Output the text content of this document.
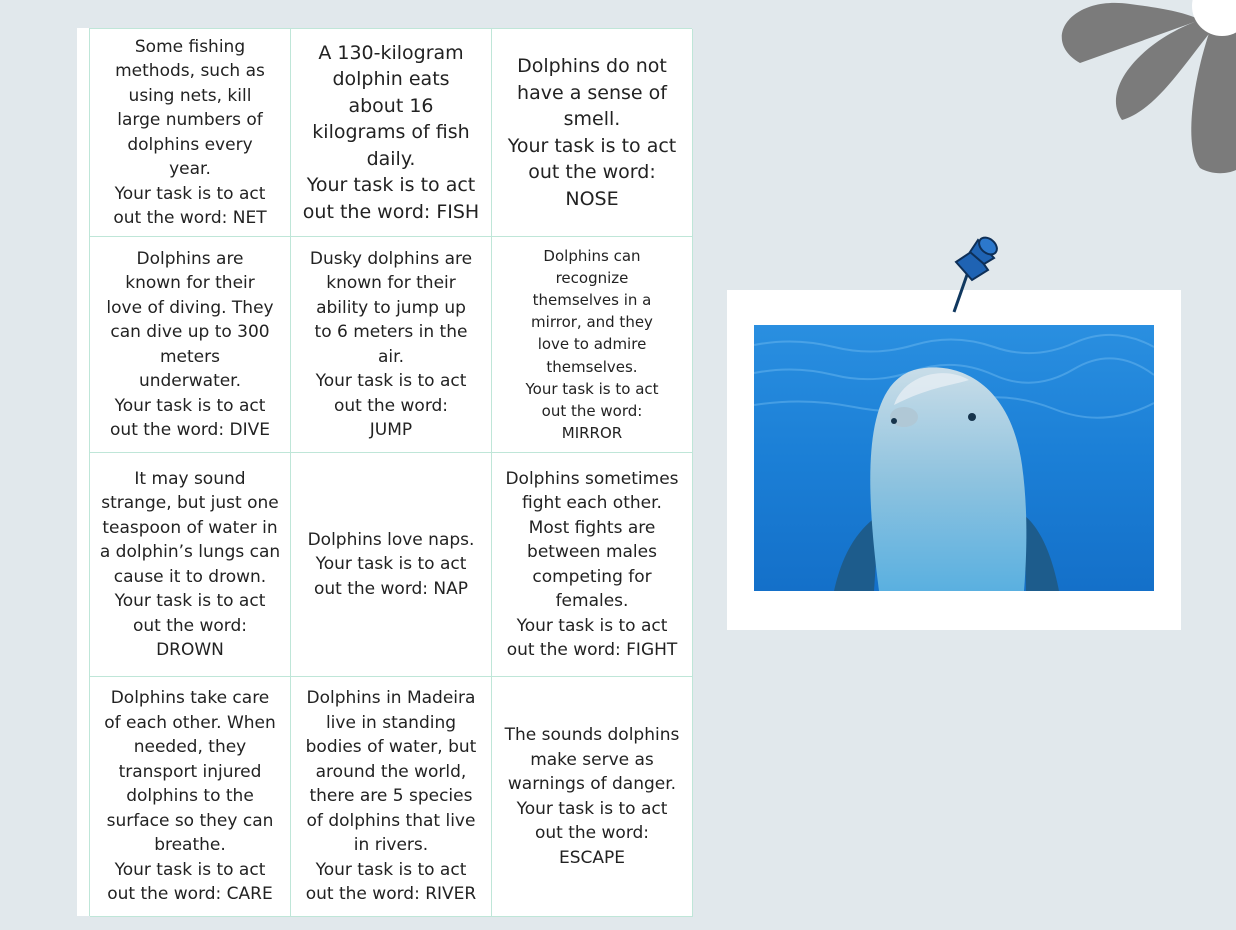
Some fishing
methods, such as
using nets, kill
large numbers of
dolphins every
year.
Your task is to act
out the word: NET
A 130-kilogram
dolphin eats
about 16
kilograms of fish
daily.
Your task is to act
out the word: FISH
Dolphins do not
have a sense of
smell.
Your task is to act
out the word:
NOSE
Dolphins are
known for their
love of diving. They
can dive up to 300
meters
underwater.
Your task is to act
out the word: DIVE
Dusky dolphins are
known for their
ability to jump up
to 6 meters in the
air.
Your task is to act
out the word:
JUMP
Dolphins can
recognize
themselves in a
mirror, and they
love to admire
themselves.
Your task is to act
out the word:
MIRROR
It may sound
strange, but just one
teaspoon of water in
a dolphin’s lungs can
cause it to drown.
Your task is to act
out the word:
DROWN
Dolphins love naps.
Your task is to act
out the word: NAP
Dolphins sometimes
fight each other.
Most fights are
between males
competing for
females.
Your task is to act
out the word: FIGHT
Dolphins take care
of each other. When
needed, they
transport injured
dolphins to the
surface so they can
breathe.
Your task is to act
out the word: CARE
Dolphins in Madeira
live in standing
bodies of water, but
around the world,
there are 5 species
of dolphins that live
in rivers.
Your task is to act
out the word: RIVER
The sounds dolphins
make serve as
warnings of danger.
Your task is to act
out the word:
ESCAPE
